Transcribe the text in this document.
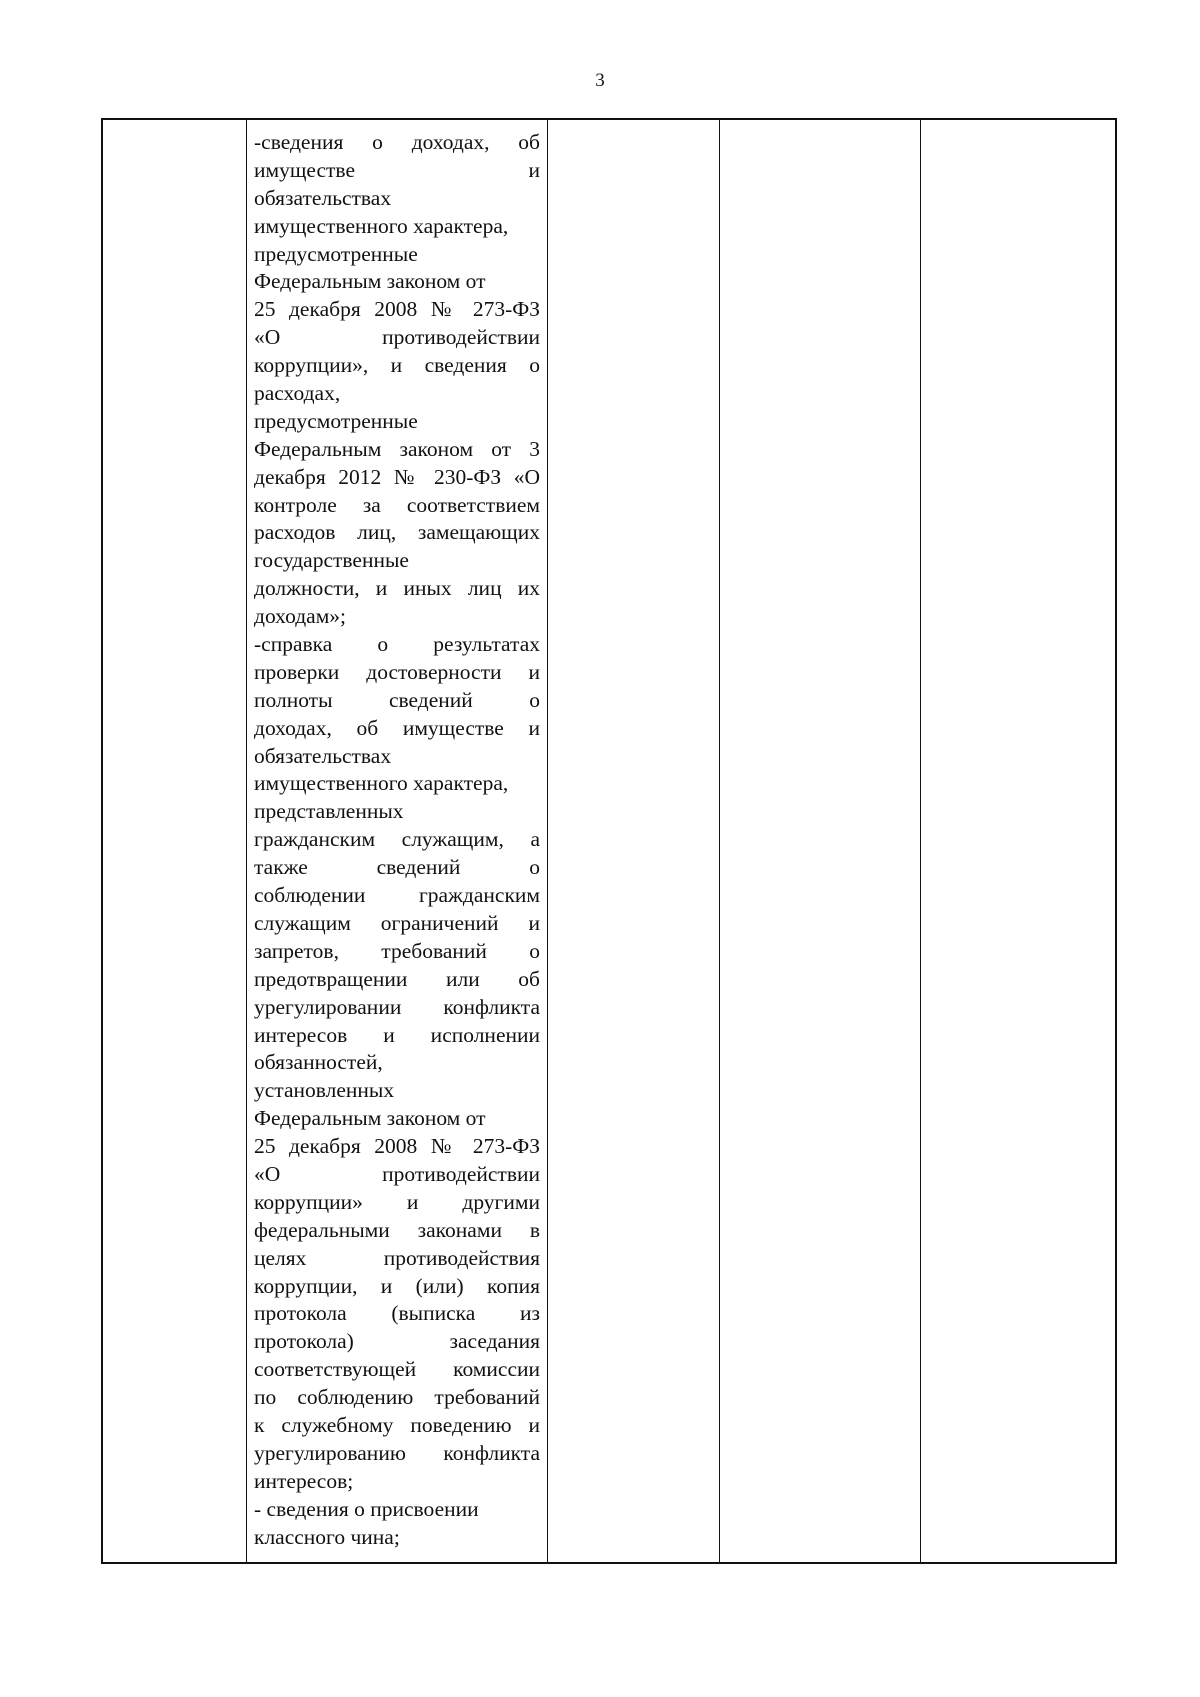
3
-сведения о доходах, об
имуществе и
обязательствах
имущественного характера,
предусмотренные
Федеральным законом от
25 декабря 2008 № 273-ФЗ
«О противодействии
коррупции», и сведения о
расходах,
предусмотренные
Федеральным законом от 3
декабря 2012 № 230-ФЗ «О
контроле за соответствием
расходов лиц, замещающих
государственные
должности, и иных лиц их
доходам»;
-справка о результатах
проверки достоверности и
полноты сведений о
доходах, об имуществе и
обязательствах
имущественного характера,
представленных
гражданским служащим, а
также сведений о
соблюдении гражданским
служащим ограничений и
запретов, требований о
предотвращении или об
урегулировании конфликта
интересов и исполнении
обязанностей,
установленных
Федеральным законом от
25 декабря 2008 № 273-ФЗ
«О противодействии
коррупции» и другими
федеральными законами в
целях противодействия
коррупции, и (или) копия
протокола (выписка из
протокола) заседания
соответствующей комиссии
по соблюдению требований
к служебному поведению и
урегулированию конфликта
интересов;
- сведения о присвоении
классного чина;
